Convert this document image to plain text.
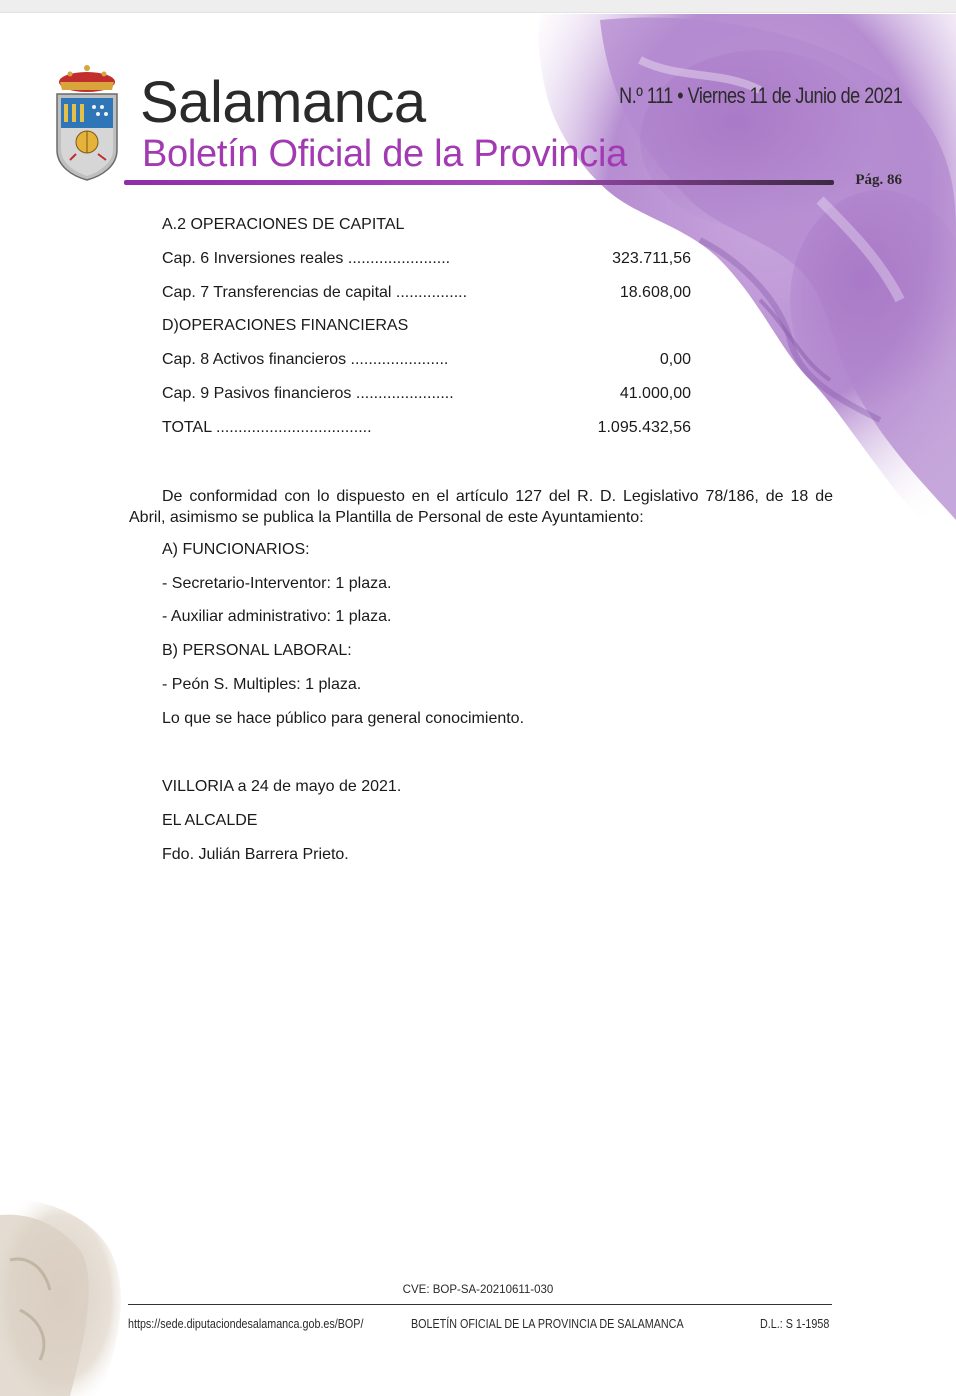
Salamanca
Boletín Oficial de la Provincia
N.º 111 • Viernes 11 de Junio de 2021
Pág. 86
A.2 OPERACIONES DE CAPITAL
Cap. 6 Inversiones reales .......................	323.711,56
Cap. 7 Transferencias de capital ................	18.608,00
D)OPERACIONES FINANCIERAS
Cap. 8 Activos financieros ......................	0,00
Cap. 9 Pasivos financieros ......................	41.000,00
TOTAL ...................................	1.095.432,56
De conformidad con lo dispuesto en el artículo 127 del R. D. Legislativo 78/186, de 18 de Abril, asimismo se publica la Plantilla de Personal de este Ayuntamiento:
A) FUNCIONARIOS:
- Secretario-Interventor: 1 plaza.
- Auxiliar administrativo: 1 plaza.
B) PERSONAL LABORAL:
- Peón S. Multiples: 1 plaza.
Lo que se hace público para general conocimiento.
VILLORIA a 24 de mayo de 2021.
EL ALCALDE
Fdo. Julián Barrera Prieto.
CVE: BOP-SA-20210611-030
https://sede.diputaciondesalamanca.gob.es/BOP/	BOLETÍN OFICIAL DE LA PROVINCIA DE SALAMANCA	D.L.: S 1-1958
